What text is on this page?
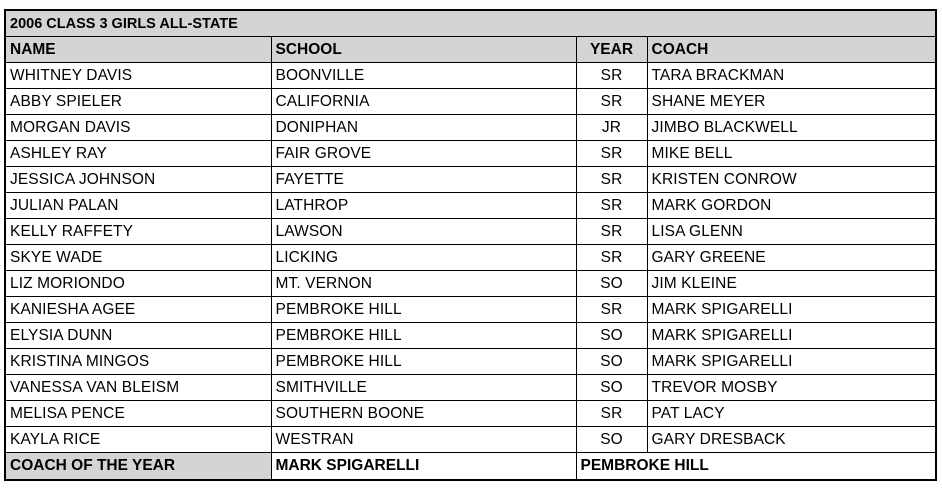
2006 CLASS 3 GIRLS ALL-STATE			
NAME	SCHOOL	YEAR	COACH
WHITNEY DAVIS	BOONVILLE	SR	TARA BRACKMAN
ABBY SPIELER	CALIFORNIA	SR	SHANE MEYER
MORGAN DAVIS	DONIPHAN	JR	JIMBO BLACKWELL
ASHLEY RAY	FAIR GROVE	SR	MIKE BELL
JESSICA JOHNSON	FAYETTE	SR	KRISTEN CONROW
JULIAN PALAN	LATHROP	SR	MARK GORDON
KELLY RAFFETY	LAWSON	SR	LISA GLENN
SKYE WADE	LICKING	SR	GARY GREENE
LIZ MORIONDO	MT. VERNON	SO	JIM KLEINE
KANIESHA AGEE	PEMBROKE HILL	SR	MARK SPIGARELLI
ELYSIA DUNN	PEMBROKE HILL	SO	MARK SPIGARELLI
KRISTINA MINGOS	PEMBROKE HILL	SO	MARK SPIGARELLI
VANESSA VAN BLEISM	SMITHVILLE	SO	TREVOR MOSBY
MELISA PENCE	SOUTHERN BOONE	SR	PAT LACY
KAYLA RICE	WESTRAN	SO	GARY DRESBACK
COACH OF THE YEAR	MARK SPIGARELLI	PEMBROKE HILL	
